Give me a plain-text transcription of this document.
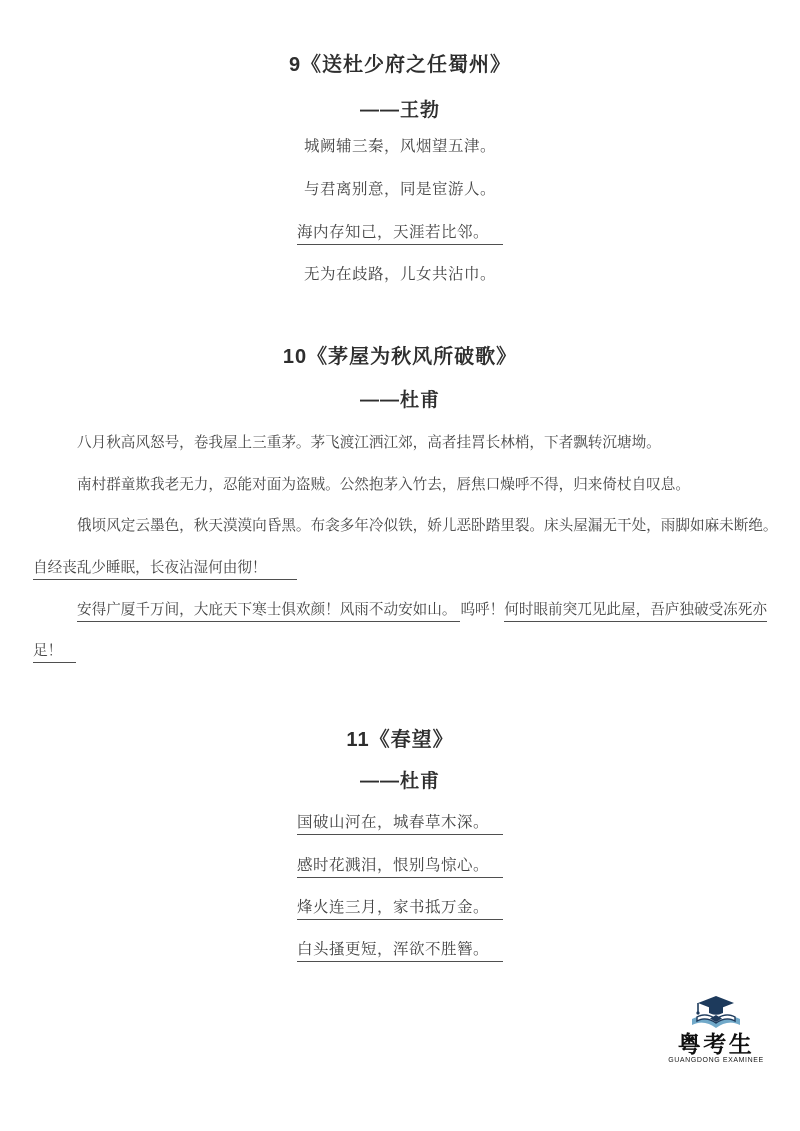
9《送杜少府之任蜀州》
——王勃
城阙辅三秦，风烟望五津。
与君离别意，同是宦游人。
海内存知己，天涯若比邻。
无为在歧路，儿女共沾巾。
10《茅屋为秋风所破歌》
——杜甫
八月秋高风怒号，卷我屋上三重茅。茅飞渡江洒江郊，高者挂罥长林梢，下者飘转沉塘坳。
南村群童欺我老无力，忍能对面为盗贼。公然抱茅入竹去，唇焦口燥呼不得，归来倚杖自叹息。
俄顷风定云墨色，秋天漠漠向昏黑。布衾多年冷似铁，娇儿恶卧踏里裂。床头屋漏无干处，雨脚如麻未断绝。
自经丧乱少睡眠，长夜沾湿何由彻！
安得广厦千万间，大庇天下寒士俱欢颜！风雨不动安如山。 呜呼！何时眼前突兀见此屋，吾庐独破受冻死亦
足！
11《春望》
——杜甫
国破山河在，城春草木深。
感时花溅泪，恨别鸟惊心。
烽火连三月，家书抵万金。
白头搔更短，浑欲不胜簪。
粤考生
GUANGDONG EXAMINEE
